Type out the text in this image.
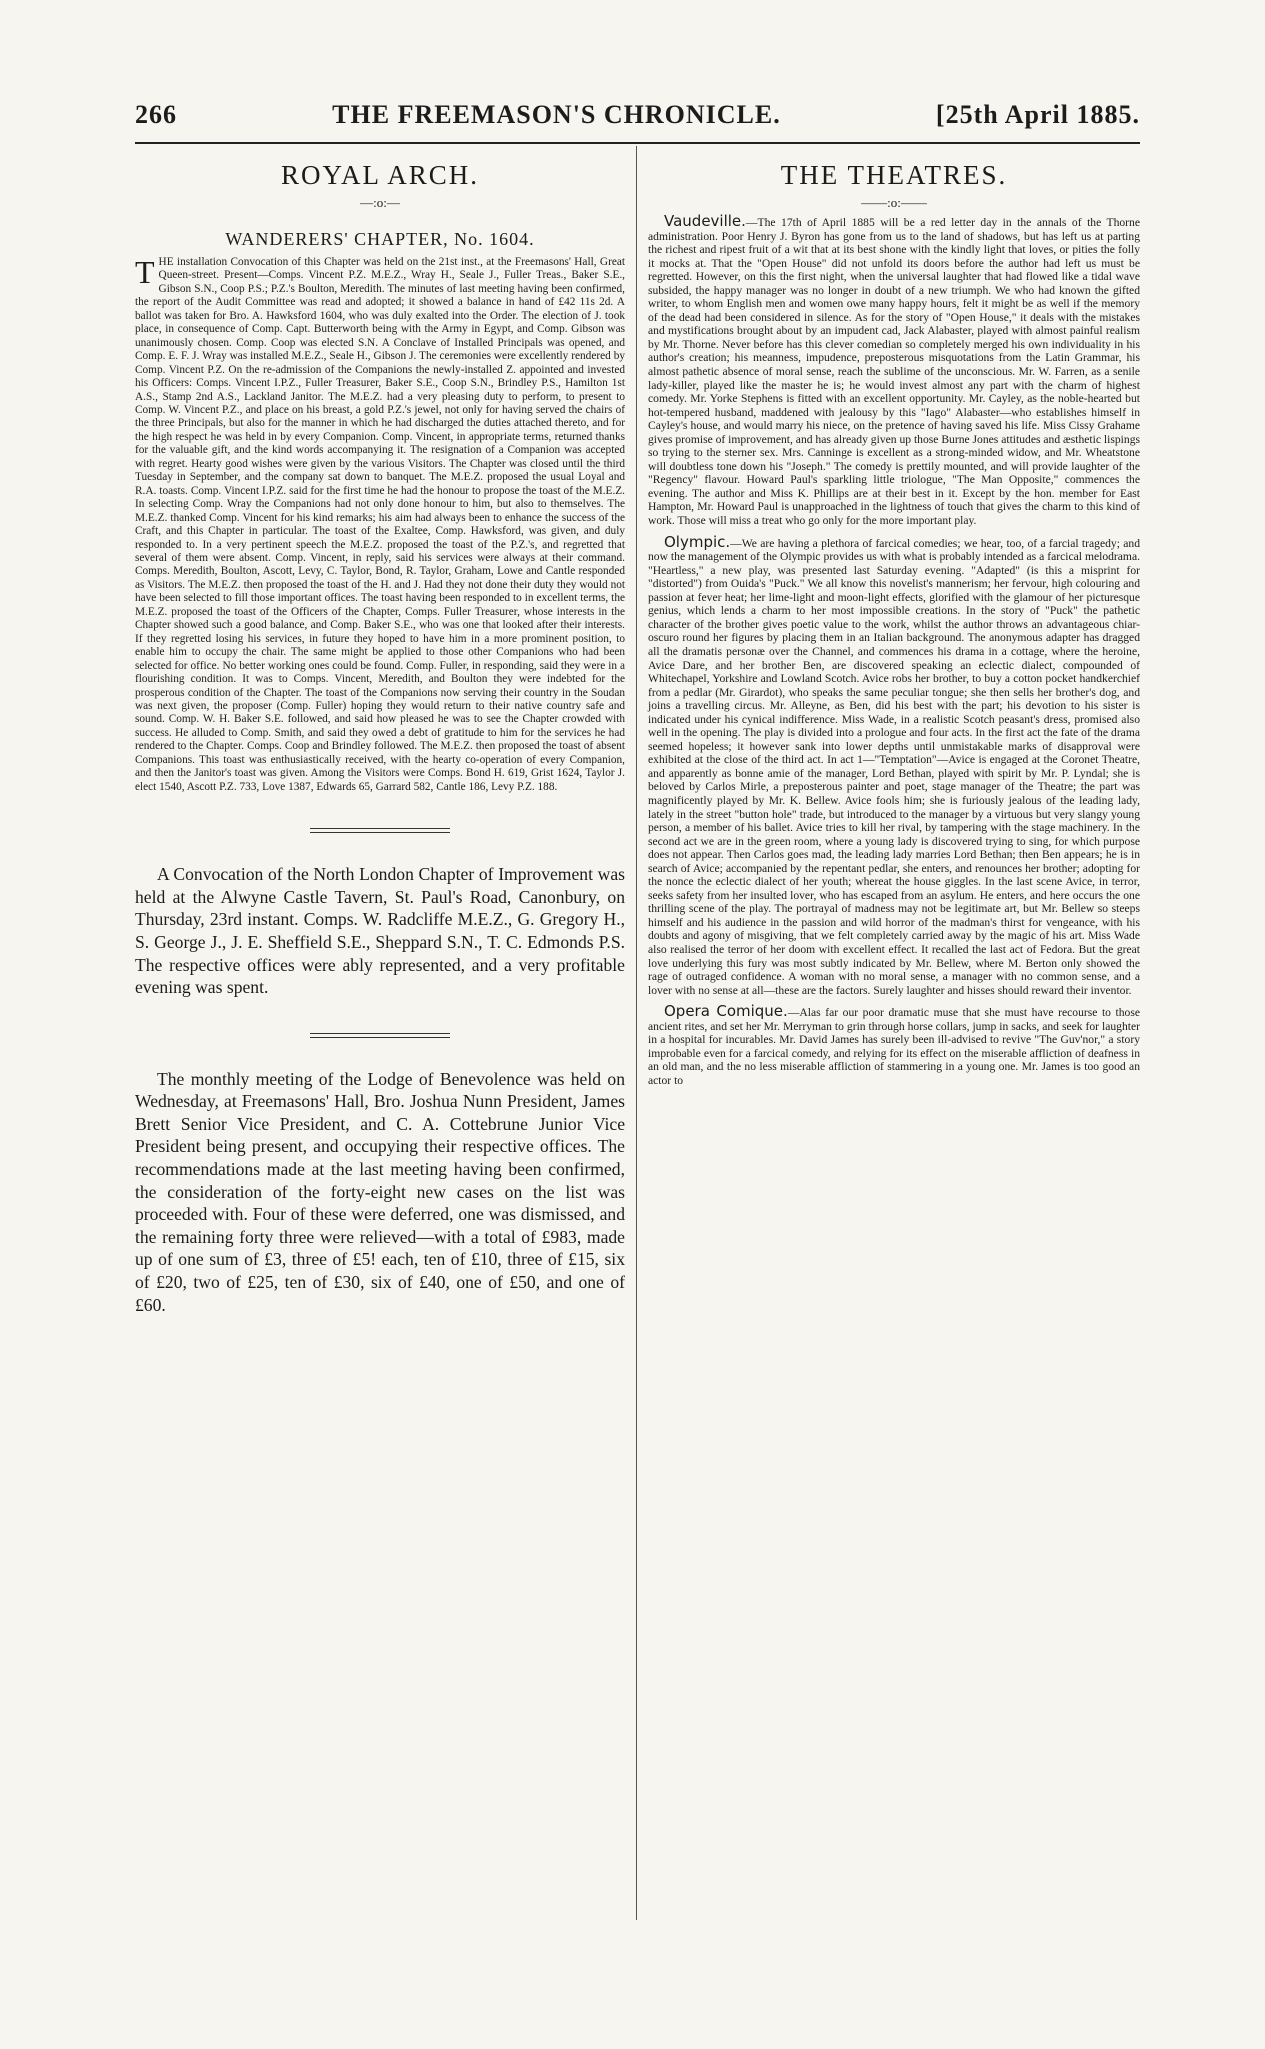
266	THE FREEMASON'S CHRONICLE.	[25th April 1885.
ROYAL ARCH.
—:o:—
WANDERERS' CHAPTER, No. 1604.

THE installation Convocation of this Chapter was held on the 21st inst., at the Freemasons' Hall, Great Queen-street. Present—Comps. Vincent P.Z. M.E.Z., Wray H., Seale J., Fuller Treas., Baker S.E., Gibson S.N., Coop P.S.; P.Z.'s Boulton, Meredith. The minutes of last meeting having been confirmed, the report of the Audit Committee was read and adopted; it showed a balance in hand of £42 11s 2d. A ballot was taken for Bro. A. Hawksford 1604, who was duly exalted into the Order. The election of J. took place, in consequence of Comp. Capt. Butterworth being with the Army in Egypt, and Comp. Gibson was unanimously chosen. Comp. Coop was elected S.N. A Conclave of Installed Principals was opened, and Comp. E. F. J. Wray was installed M.E.Z., Seale H., Gibson J. The ceremonies were excellently rendered by Comp. Vincent P.Z. On the re-admission of the Companions the newly-installed Z. appointed and invested his Officers: Comps. Vincent I.P.Z., Fuller Treasurer, Baker S.E., Coop S.N., Brindley P.S., Hamilton 1st A.S., Stamp 2nd A.S., Lackland Janitor. The M.E.Z. had a very pleasing duty to perform, to present to Comp. W. Vincent P.Z., and place on his breast, a gold P.Z.'s jewel, not only for having served the chairs of the three Principals, but also for the manner in which he had discharged the duties attached thereto, and for the high respect he was held in by every Companion. Comp. Vincent, in appropriate terms, returned thanks for the valuable gift, and the kind words accompanying it. The resignation of a Companion was accepted with regret. Hearty good wishes were given by the various Visitors. The Chapter was closed until the third Tuesday in September, and the company sat down to banquet. The M.E.Z. proposed the usual Loyal and R.A. toasts. Comp. Vincent I.P.Z. said for the first time he had the honour to propose the toast of the M.E.Z. In selecting Comp. Wray the Companions had not only done honour to him, but also to themselves. The M.E.Z. thanked Comp. Vincent for his kind remarks; his aim had always been to enhance the success of the Craft, and this Chapter in particular. The toast of the Exaltee, Comp. Hawksford, was given, and duly responded to. In a very pertinent speech the M.E.Z. proposed the toast of the P.Z.'s, and regretted that several of them were absent. Comp. Vincent, in reply, said his services were always at their command. Comps. Meredith, Boulton, Ascott, Levy, C. Taylor, Bond, R. Taylor, Graham, Lowe and Cantle responded as Visitors. The M.E.Z. then proposed the toast of the H. and J. Had they not done their duty they would not have been selected to fill those important offices. The toast having been responded to in excellent terms, the M.E.Z. proposed the toast of the Officers of the Chapter, Comps. Fuller Treasurer, whose interests in the Chapter showed such a good balance, and Comp. Baker S.E., who was one that looked after their interests. If they regretted losing his services, in future they hoped to have him in a more prominent position, to enable him to occupy the chair. The same might be applied to those other Companions who had been selected for office. No better working ones could be found. Comp. Fuller, in responding, said they were in a flourishing condition. It was to Comps. Vincent, Meredith, and Boulton they were indebted for the prosperous condition of the Chapter. The toast of the Companions now serving their country in the Soudan was next given, the proposer (Comp. Fuller) hoping they would return to their native country safe and sound. Comp. W. H. Baker S.E. followed, and said how pleased he was to see the Chapter crowded with success. He alluded to Comp. Smith, and said they owed a debt of gratitude to him for the services he had rendered to the Chapter. Comps. Coop and Brindley followed. The M.E.Z. then proposed the toast of absent Companions. This toast was enthusiastically received, with the hearty co-operation of every Companion, and then the Janitor's toast was given. Among the Visitors were Comps. Bond H. 619, Grist 1624, Taylor J. elect 1540, Ascott P.Z. 733, Love 1387, Edwards 65, Garrard 582, Cantle 186, Levy P.Z. 188.

A Convocation of the North London Chapter of Improvement was held at the Alwyne Castle Tavern, St. Paul's Road, Canonbury, on Thursday, 23rd instant. Comps. W. Radcliffe M.E.Z., G. Gregory H., S. George J., J. E. Sheffield S.E., Sheppard S.N., T. C. Edmonds P.S. The respective offices were ably represented, and a very profitable evening was spent.

The monthly meeting of the Lodge of Benevolence was held on Wednesday, at Freemasons' Hall, Bro. Joshua Nunn President, James Brett Senior Vice President, and C. A. Cottebrune Junior Vice President being present, and occupying their respective offices. The recommendations made at the last meeting having been confirmed, the consideration of the forty-eight new cases on the list was proceeded with. Four of these were deferred, one was dismissed, and the remaining forty three were relieved—with a total of £983, made up of one sum of £3, three of £5! each, ten of £10, three of £15, six of £20, two of £25, ten of £30, six of £40, one of £50, and one of £60.

THE THEATRES.
——:o:——

Vaudeville.—The 17th of April 1885 will be a red letter day in the annals of the Thorne administration. Poor Henry J. Byron has gone from us to the land of shadows, but has left us at parting the richest and ripest fruit of a wit that at its best shone with the kindly light that loves, or pities the folly it mocks at. That the "Open House" did not unfold its doors before the author had left us must be regretted. However, on this the first night, when the universal laughter that had flowed like a tidal wave subsided, the happy manager was no longer in doubt of a new triumph. We who had known the gifted writer, to whom English men and women owe many happy hours, felt it might be as well if the memory of the dead had been considered in silence. As for the story of "Open House," it deals with the mistakes and mystifications brought about by an impudent cad, Jack Alabaster, played with almost painful realism by Mr. Thorne. Never before has this clever comedian so completely merged his own individuality in his author's creation; his meanness, impudence, preposterous misquotations from the Latin Grammar, his almost pathetic absence of moral sense, reach the sublime of the unconscious. Mr. W. Farren, as a senile lady-killer, played like the master he is; he would invest almost any part with the charm of highest comedy. Mr. Yorke Stephens is fitted with an excellent opportunity. Mr. Cayley, as the noble-hearted but hot-tempered husband, maddened with jealousy by this "Iago" Alabaster—who establishes himself in Cayley's house, and would marry his niece, on the pretence of having saved his life. Miss Cissy Grahame gives promise of improvement, and has already given up those Burne Jones attitudes and æsthetic lispings so trying to the sterner sex. Mrs. Canninge is excellent as a strong-minded widow, and Mr. Wheatstone will doubtless tone down his "Joseph." The comedy is prettily mounted, and will provide laughter of the "Regency" flavour. Howard Paul's sparkling little triologue, "The Man Opposite," commences the evening. The author and Miss K. Phillips are at their best in it. Except by the hon. member for East Hampton, Mr. Howard Paul is unapproached in the lightness of touch that gives the charm to this kind of work. Those will miss a treat who go only for the more important play.

Olympic.—We are having a plethora of farcical comedies; we hear, too, of a farcial tragedy; and now the management of the Olympic provides us with what is probably intended as a farcical melodrama. "Heartless," a new play, was presented last Saturday evening. "Adapted" (is this a misprint for "distorted") from Ouida's "Puck." We all know this novelist's mannerism; her fervour, high colouring and passion at fever heat; her lime-light and moon-light effects, glorified with the glamour of her picturesque genius, which lends a charm to her most impossible creations. In the story of "Puck" the pathetic character of the brother gives poetic value to the work, whilst the author throws an advantageous chiar-oscuro round her figures by placing them in an Italian background. The anonymous adapter has dragged all the dramatis personæ over the Channel, and commences his drama in a cottage, where the heroine, Avice Dare, and her brother Ben, are discovered speaking an eclectic dialect, compounded of Whitechapel, Yorkshire and Lowland Scotch. Avice robs her brother, to buy a cotton pocket handkerchief from a pedlar (Mr. Girardot), who speaks the same peculiar tongue; she then sells her brother's dog, and joins a travelling circus. Mr. Alleyne, as Ben, did his best with the part; his devotion to his sister is indicated under his cynical indifference. Miss Wade, in a realistic Scotch peasant's dress, promised also well in the opening. The play is divided into a prologue and four acts. In the first act the fate of the drama seemed hopeless; it however sank into lower depths until unmistakable marks of disapproval were exhibited at the close of the third act. In act 1—"Temptation"—Avice is engaged at the Coronet Theatre, and apparently as bonne amie of the manager, Lord Bethan, played with spirit by Mr. P. Lyndal; she is beloved by Carlos Mirle, a preposterous painter and poet, stage manager of the Theatre; the part was magnificently played by Mr. K. Bellew. Avice fools him; she is furiously jealous of the leading lady, lately in the street "button hole" trade, but introduced to the manager by a virtuous but very slangy young person, a member of his ballet. Avice tries to kill her rival, by tampering with the stage machinery. In the second act we are in the green room, where a young lady is discovered trying to sing, for which purpose does not appear. Then Carlos goes mad, the leading lady marries Lord Bethan; then Ben appears; he is in search of Avice; accompanied by the repentant pedlar, she enters, and renounces her brother; adopting for the nonce the eclectic dialect of her youth; whereat the house giggles. In the last scene Avice, in terror, seeks safety from her insulted lover, who has escaped from an asylum. He enters, and here occurs the one thrilling scene of the play. The portrayal of madness may not be legitimate art, but Mr. Bellew so steeps himself and his audience in the passion and wild horror of the madman's thirst for vengeance, with his doubts and agony of misgiving, that we felt completely carried away by the magic of his art. Miss Wade also realised the terror of her doom with excellent effect. It recalled the last act of Fedora. But the great love underlying this fury was most subtly indicated by Mr. Bellew, where M. Berton only showed the rage of outraged confidence. A woman with no moral sense, a manager with no common sense, and a lover with no sense at all—these are the factors. Surely laughter and hisses should reward their inventor.

Opera Comique.—Alas far our poor dramatic muse that she must have recourse to those ancient rites, and set her Mr. Merryman to grin through horse collars, jump in sacks, and seek for laughter in a hospital for incurables. Mr. David James has surely been ill-advised to revive "The Guv'nor," a story improbable even for a farcical comedy, and relying for its effect on the miserable affliction of deafness in an old man, and the no less miserable affliction of stammering in a young one. Mr. James is too good an actor to
